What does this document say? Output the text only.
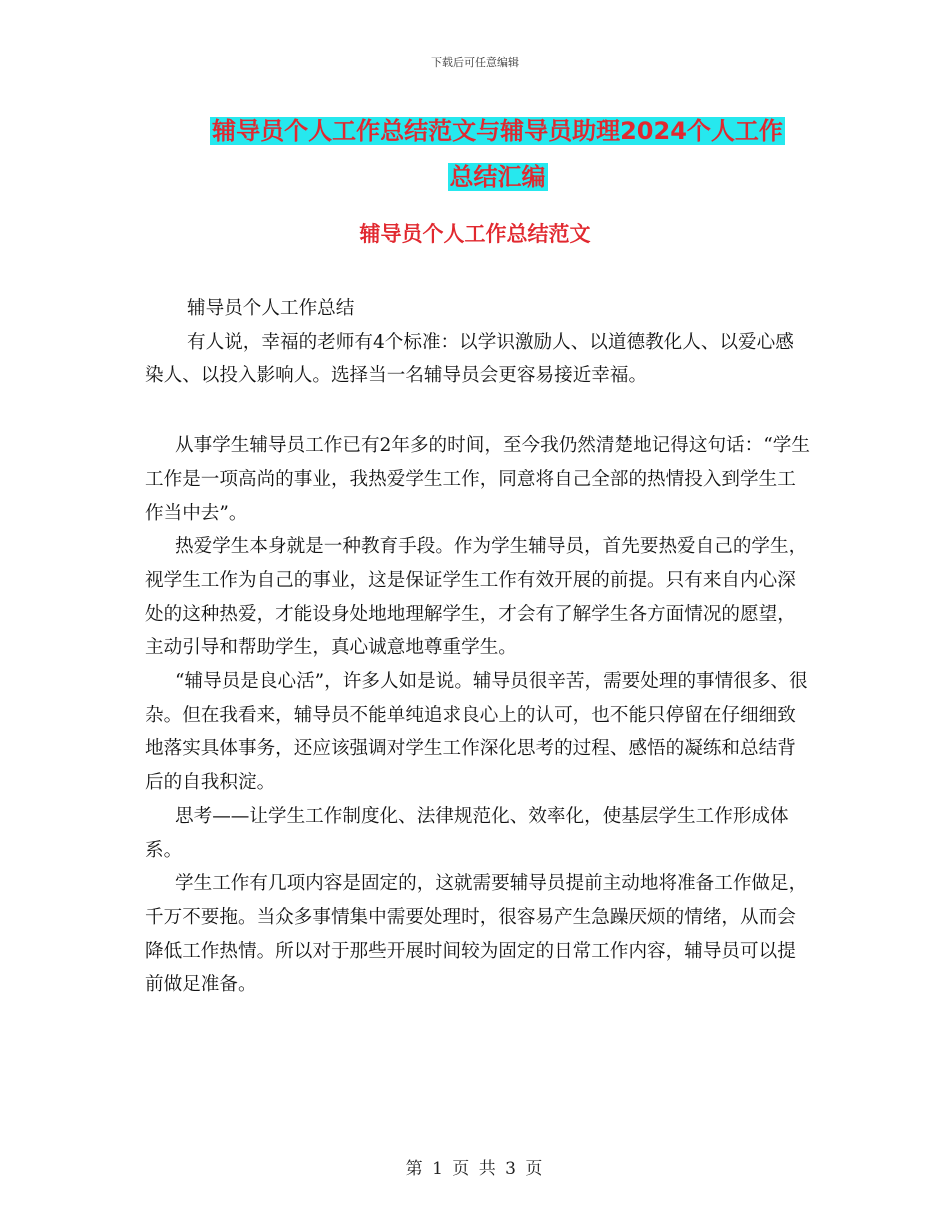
下载后可任意编辑
辅导员个人工作总结范文与辅导员助理2024个人工作
总结汇编
辅导员个人工作总结范文

辅导员个人工作总结

有人说，幸福的老师有4个标准：以学识激励人、以道德教化人、以爱心感染人、以投入影响人。选择当一名辅导员会更容易接近幸福。

从事学生辅导员工作已有2年多的时间，至今我仍然清楚地记得这句话：“学生工作是一项高尚的事业，我热爱学生工作，同意将自己全部的热情投入到学生工作当中去”。

热爱学生本身就是一种教育手段。作为学生辅导员，首先要热爱自己的学生，视学生工作为自己的事业，这是保证学生工作有效开展的前提。只有来自内心深处的这种热爱，才能设身处地地理解学生，才会有了解学生各方面情况的愿望，主动引导和帮助学生，真心诚意地尊重学生。

“辅导员是良心活”，许多人如是说。辅导员很辛苦，需要处理的事情很多、很杂。但在我看来，辅导员不能单纯追求良心上的认可，也不能只停留在仔细细致地落实具体事务，还应该强调对学生工作深化思考的过程、感悟的凝练和总结背后的自我积淀。

思考——让学生工作制度化、法律规范化、效率化，使基层学生工作形成体系。

学生工作有几项内容是固定的，这就需要辅导员提前主动地将准备工作做足，千万不要拖。当众多事情集中需要处理时，很容易产生急躁厌烦的情绪，从而会降低工作热情。所以对于那些开展时间较为固定的日常工作内容，辅导员可以提前做足准备。

第 1 页 共 3 页
